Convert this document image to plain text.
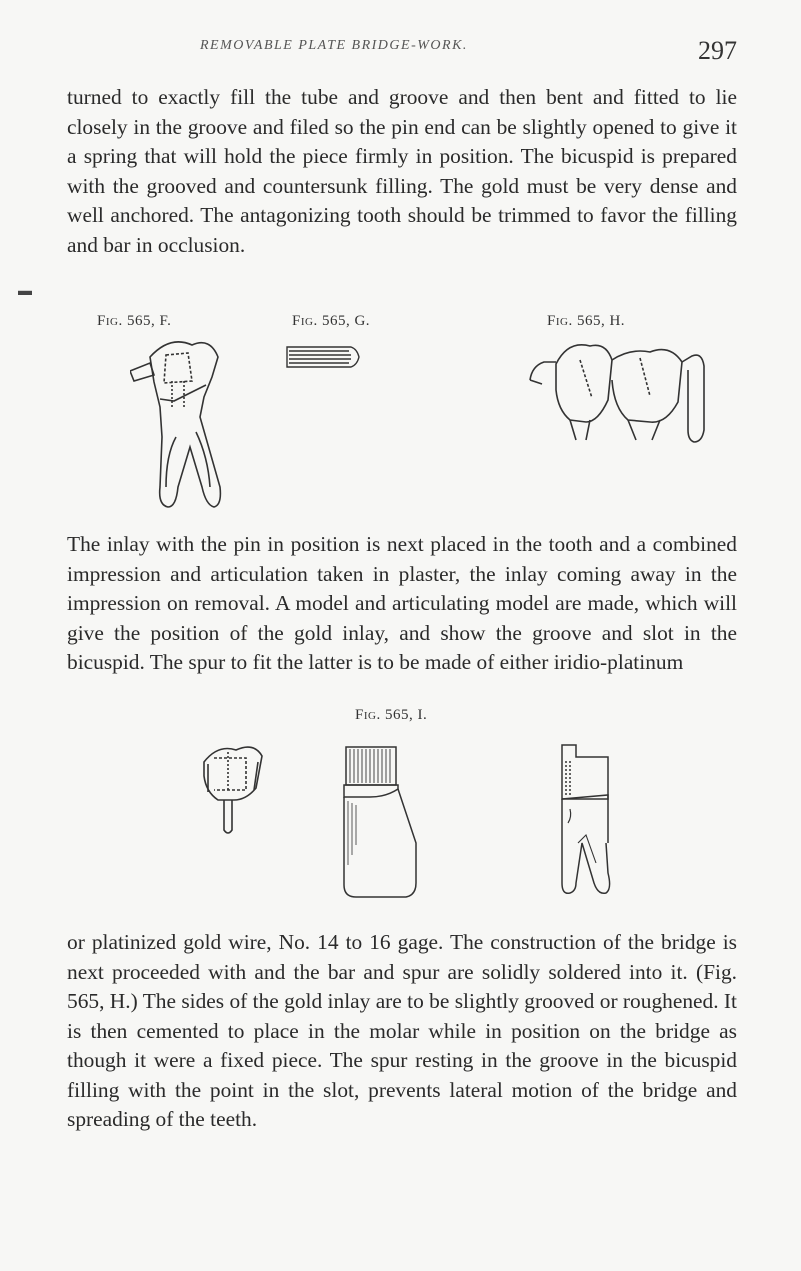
REMOVABLE PLATE BRIDGE-WORK.	297
▬

turned to exactly fill the tube and groove and then bent and fitted to lie closely in the groove and filed so the pin end can be slightly opened to give it a spring that will hold the piece firmly in position. The bicuspid is prepared with the grooved and countersunk filling. The gold must be very dense and well anchored. The antagonizing tooth should be trimmed to favor the filling and bar in occlusion.

Fig. 565, F.	Fig. 565, G.	Fig. 565, H.

The inlay with the pin in position is next placed in the tooth and a combined impression and articulation taken in plaster, the inlay coming away in the impression on removal. A model and articulating model are made, which will give the position of the gold inlay, and show the groove and slot in the bicuspid. The spur to fit the latter is to be made of either iridio-platinum

Fig. 565, I.

or platinized gold wire, No. 14 to 16 gage. The construction of the bridge is next proceeded with and the bar and spur are solidly soldered into it. (Fig. 565, H.) The sides of the gold inlay are to be slightly grooved or roughened. It is then cemented to place in the molar while in position on the bridge as though it were a fixed piece. The spur resting in the groove in the bicuspid filling with the point in the slot, prevents lateral motion of the bridge and spreading of the teeth.
